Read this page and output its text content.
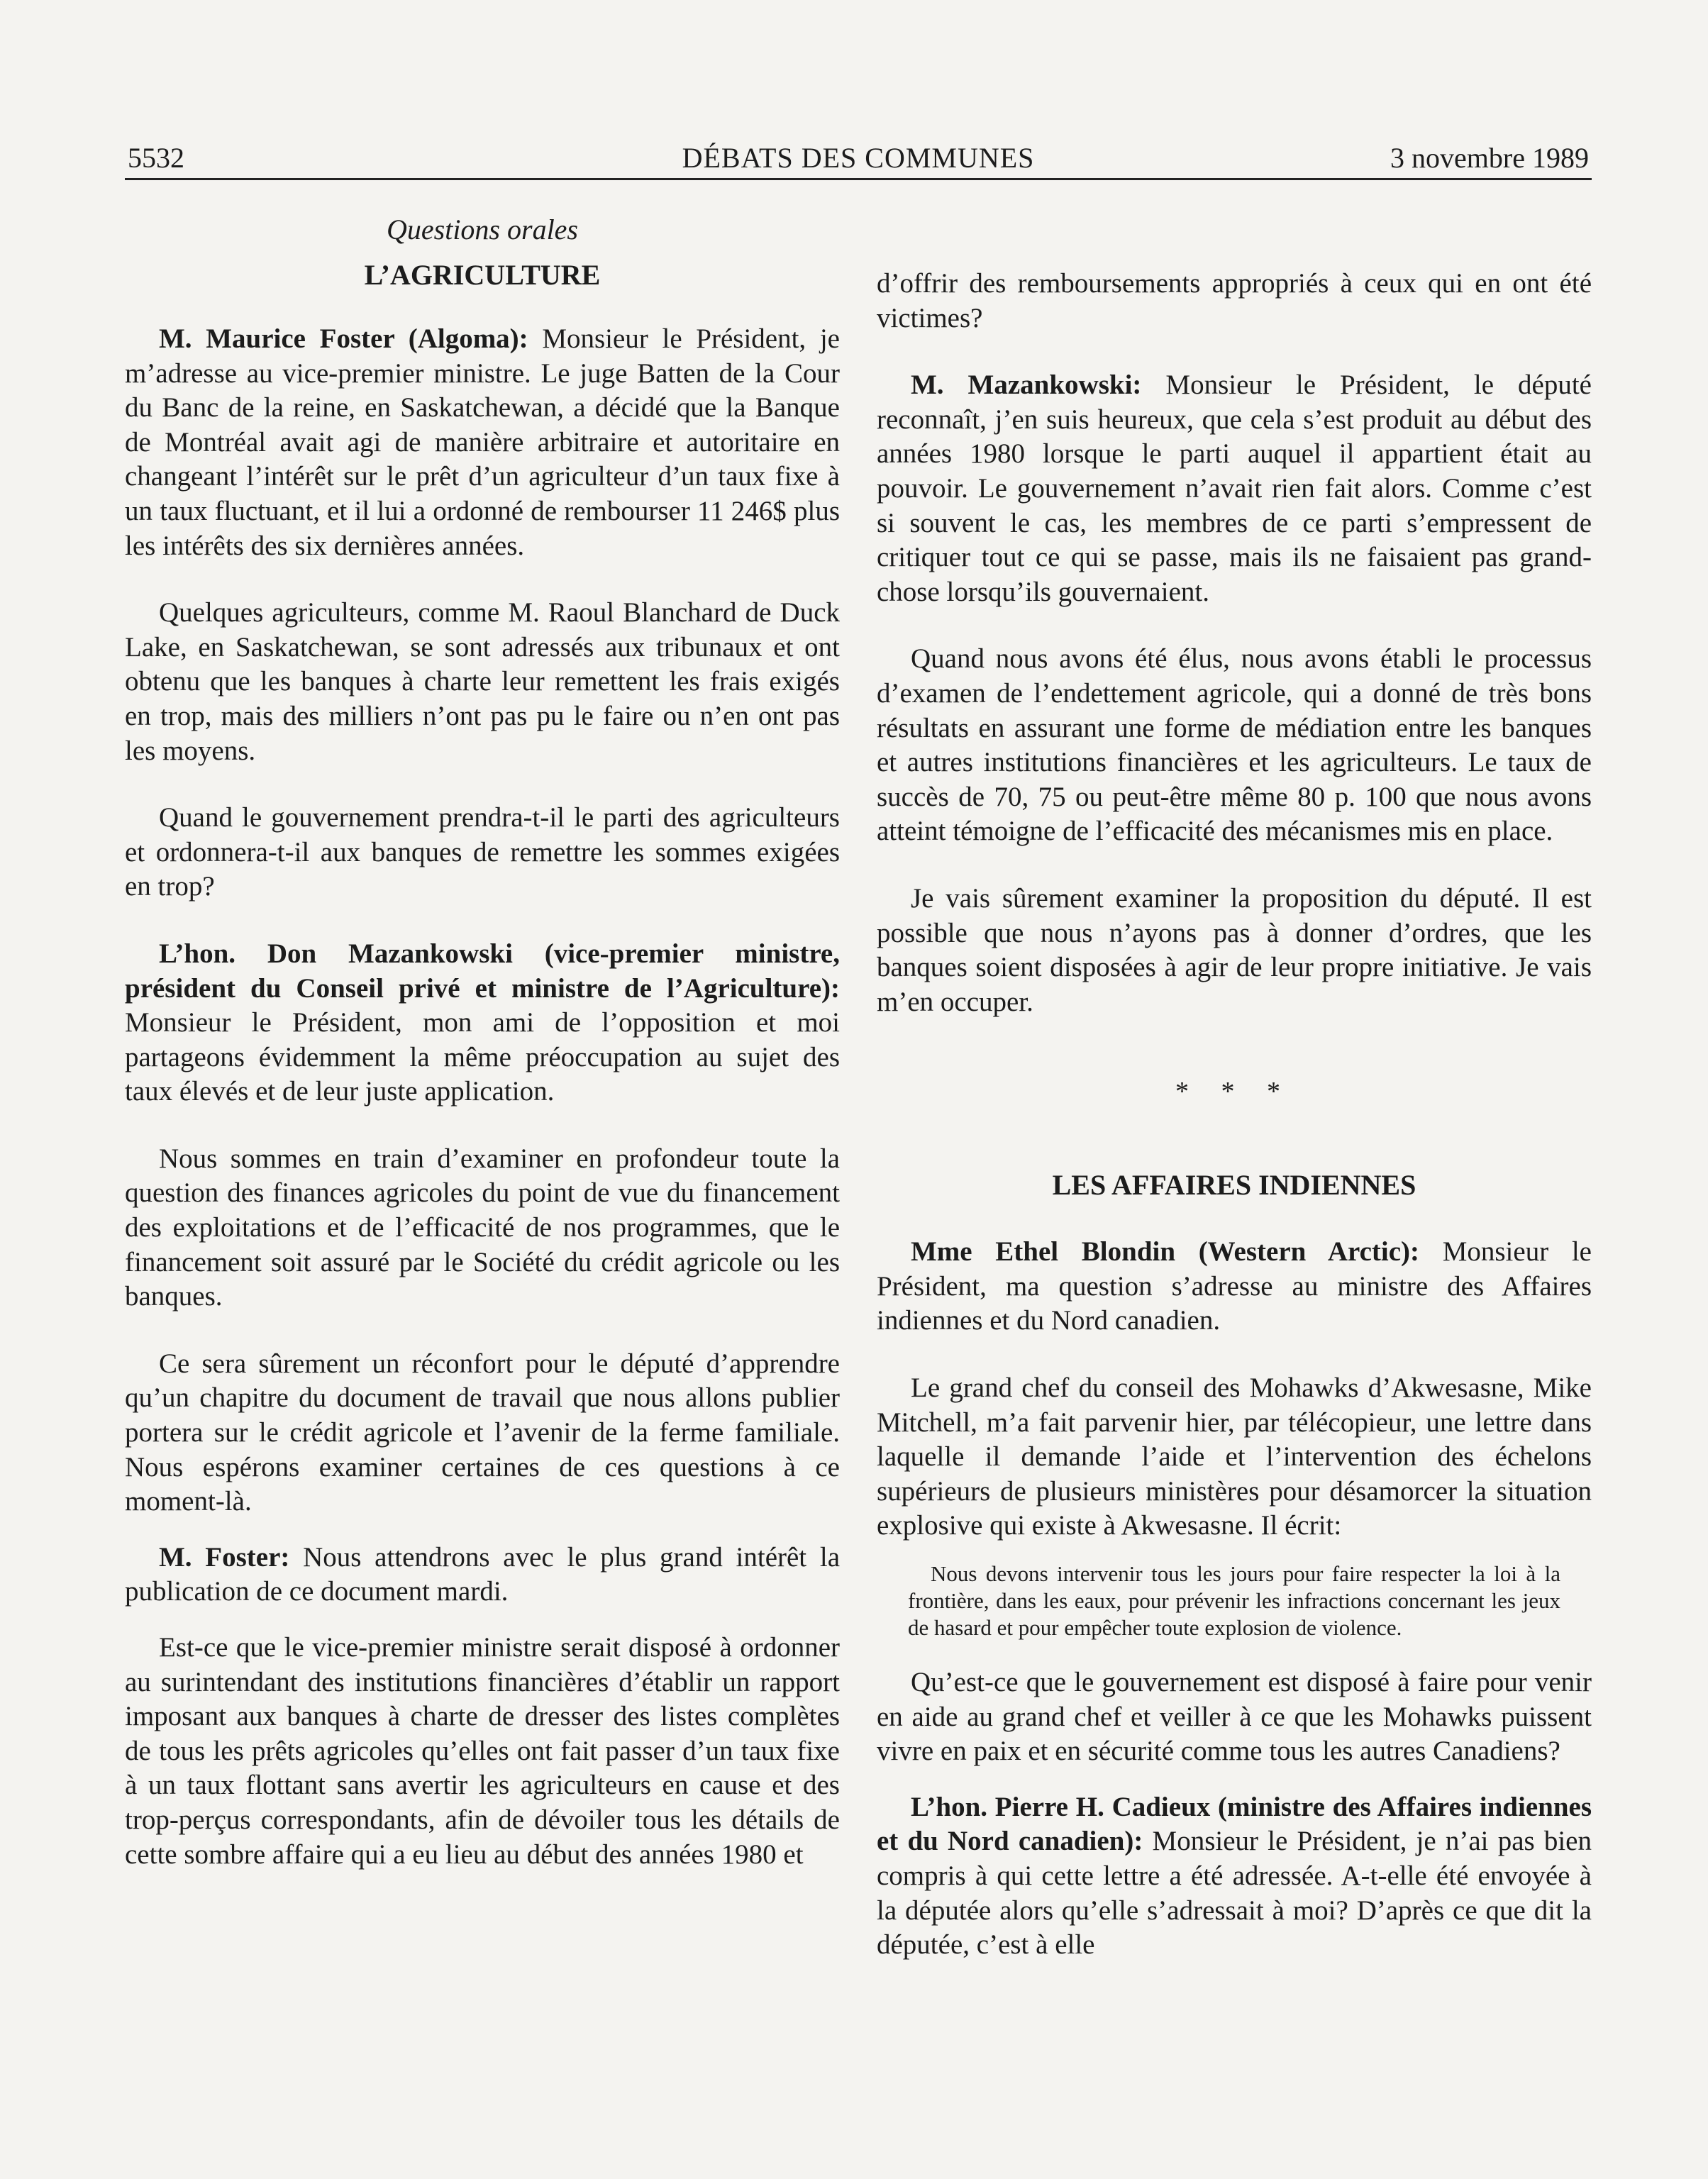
5532	DÉBATS DES COMMUNES	3 novembre 1989
Questions orales
L’AGRICULTURE

M. Maurice Foster (Algoma): Monsieur le Président, je m’adresse au vice-premier ministre. Le juge Batten de la Cour du Banc de la reine, en Saskatchewan, a décidé que la Banque de Montréal avait agi de manière arbitraire et autoritaire en changeant l’intérêt sur le prêt d’un agriculteur d’un taux fixe à un taux fluctuant, et il lui a ordonné de rembourser 11 246$ plus les intérêts des six dernières années.

Quelques agriculteurs, comme M. Raoul Blanchard de Duck Lake, en Saskatchewan, se sont adressés aux tribunaux et ont obtenu que les banques à charte leur remettent les frais exigés en trop, mais des milliers n’ont pas pu le faire ou n’en ont pas les moyens.

Quand le gouvernement prendra-t-il le parti des agriculteurs et ordonnera-t-il aux banques de remettre les sommes exigées en trop?

L’hon. Don Mazankowski (vice-premier ministre, président du Conseil privé et ministre de l’Agriculture): Monsieur le Président, mon ami de l’opposition et moi partageons évidemment la même préoccupation au sujet des taux élevés et de leur juste application.

Nous sommes en train d’examiner en profondeur toute la question des finances agricoles du point de vue du financement des exploitations et de l’efficacité de nos programmes, que le financement soit assuré par le Société du crédit agricole ou les banques.

Ce sera sûrement un réconfort pour le député d’apprendre qu’un chapitre du document de travail que nous allons publier portera sur le crédit agricole et l’avenir de la ferme familiale. Nous espérons examiner certaines de ces questions à ce moment-là.

M. Foster: Nous attendrons avec le plus grand intérêt la publication de ce document mardi.

Est-ce que le vice-premier ministre serait disposé à ordonner au surintendant des institutions financières d’établir un rapport imposant aux banques à charte de dresser des listes complètes de tous les prêts agricoles qu’elles ont fait passer d’un taux fixe à un taux flottant sans avertir les agriculteurs en cause et des trop-perçus correspondants, afin de dévoiler tous les détails de cette sombre affaire qui a eu lieu au début des années 1980 et

d’offrir des remboursements appropriés à ceux qui en ont été victimes?

M. Mazankowski: Monsieur le Président, le député reconnaît, j’en suis heureux, que cela s’est produit au début des années 1980 lorsque le parti auquel il appartient était au pouvoir. Le gouvernement n’avait rien fait alors. Comme c’est si souvent le cas, les membres de ce parti s’empressent de critiquer tout ce qui se passe, mais ils ne faisaient pas grand-chose lorsqu’ils gouvernaient.

Quand nous avons été élus, nous avons établi le processus d’examen de l’endettement agricole, qui a donné de très bons résultats en assurant une forme de médiation entre les banques et autres institutions financières et les agriculteurs. Le taux de succès de 70, 75 ou peut-être même 80 p. 100 que nous avons atteint témoigne de l’efficacité des mécanismes mis en place.

Je vais sûrement examiner la proposition du député. Il est possible que nous n’ayons pas à donner d’ordres, que les banques soient disposées à agir de leur propre initiative. Je vais m’en occuper.

* * *
LES AFFAIRES INDIENNES

Mme Ethel Blondin (Western Arctic): Monsieur le Président, ma question s’adresse au ministre des Affaires indiennes et du Nord canadien.

Le grand chef du conseil des Mohawks d’Akwesasne, Mike Mitchell, m’a fait parvenir hier, par télécopieur, une lettre dans laquelle il demande l’aide et l’intervention des échelons supérieurs de plusieurs ministères pour désamorcer la situation explosive qui existe à Akwesasne. Il écrit:

Nous devons intervenir tous les jours pour faire respecter la loi à la frontière, dans les eaux, pour prévenir les infractions concernant les jeux de hasard et pour empêcher toute explosion de violence.

Qu’est-ce que le gouvernement est disposé à faire pour venir en aide au grand chef et veiller à ce que les Mohawks puissent vivre en paix et en sécurité comme tous les autres Canadiens?

L’hon. Pierre H. Cadieux (ministre des Affaires indiennes et du Nord canadien): Monsieur le Président, je n’ai pas bien compris à qui cette lettre a été adressée. A-t-elle été envoyée à la députée alors qu’elle s’adressait à moi? D’après ce que dit la députée, c’est à elle
